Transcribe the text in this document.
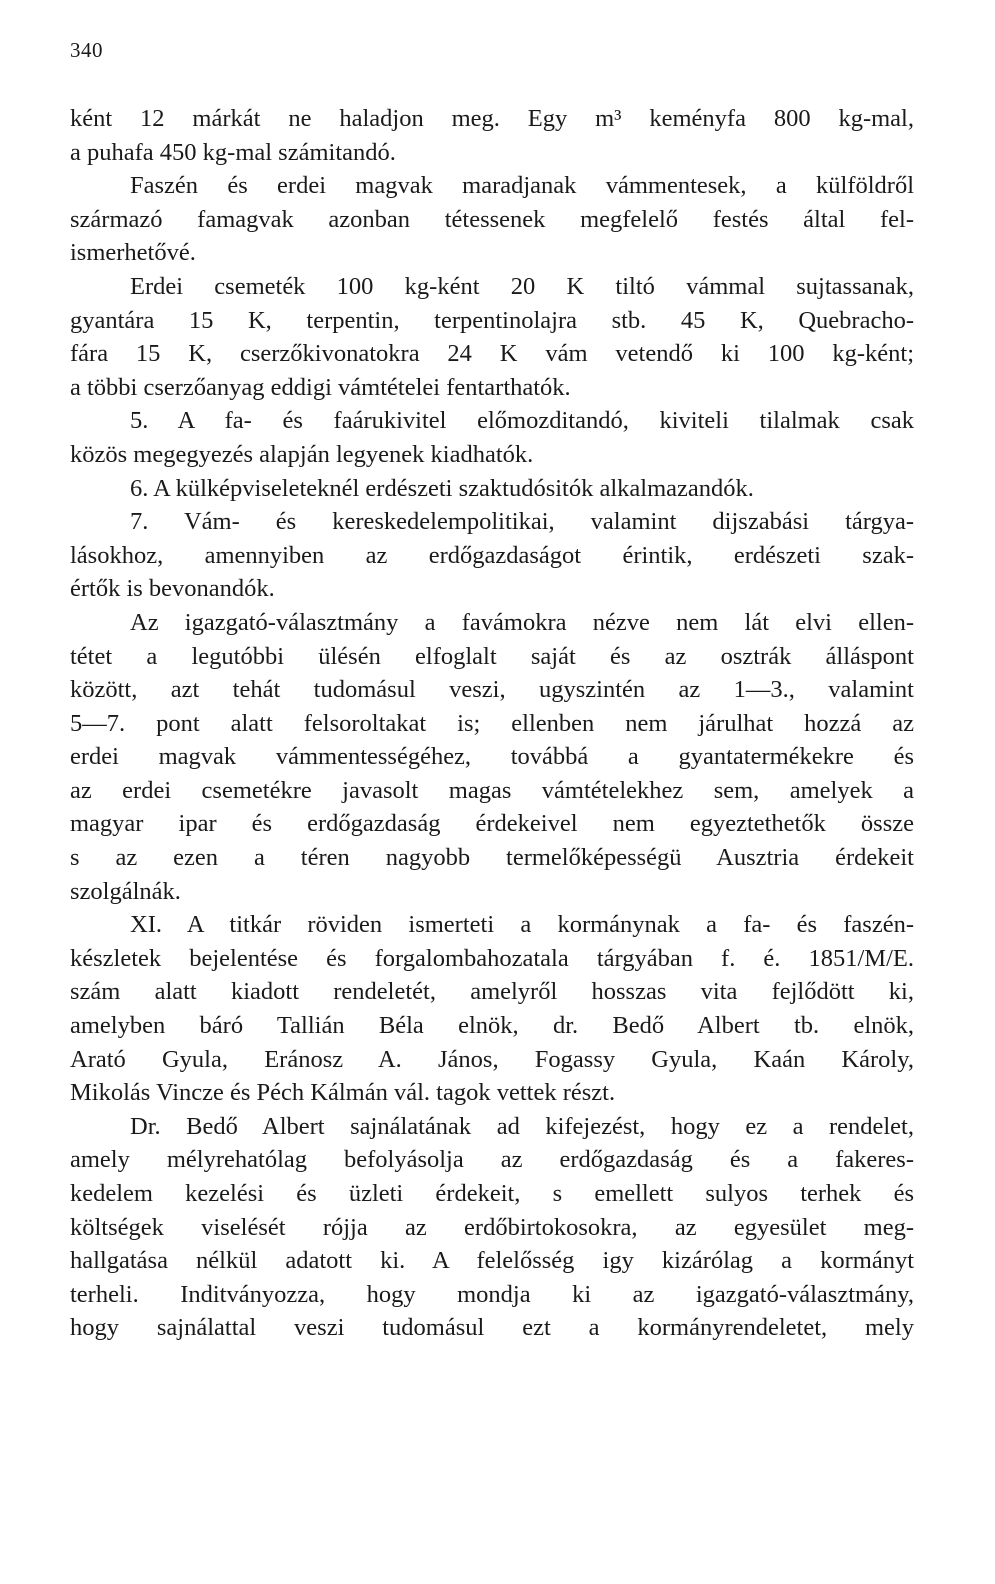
340
ként 12 márkát ne haladjon meg. Egy m³ keményfa 800 kg-mal,
a puhafa 450 kg-mal számitandó.
Faszén és erdei magvak maradjanak vámmentesek, a külföldről
származó famagvak azonban tétessenek megfelelő festés által fel-
ismerhetővé.
Erdei csemeték 100 kg-ként 20 K tiltó vámmal sujtassanak,
gyantára 15 K, terpentin, terpentinolajra stb. 45 K, Quebracho-
fára 15 K, cserzőkivonatokra 24 K vám vetendő ki 100 kg-ként;
a többi cserzőanyag eddigi vámtételei fentarthatók.
5. A fa- és faárukivitel előmozditandó, kiviteli tilalmak csak
közös megegyezés alapján legyenek kiadhatók.
6. A külképviseleteknél erdészeti szaktudósitók alkalmazandók.
7. Vám- és kereskedelempolitikai, valamint dijszabási tárgya-
lásokhoz, amennyiben az erdőgazdaságot érintik, erdészeti szak-
értők is bevonandók.
Az igazgató-választmány a favámokra nézve nem lát elvi ellen-
tétet a legutóbbi ülésén elfoglalt saját és az osztrák álláspont
között, azt tehát tudomásul veszi, ugyszintén az 1—3., valamint
5—7. pont alatt felsoroltakat is; ellenben nem járulhat hozzá az
erdei magvak vámmentességéhez, továbbá a gyantatermékekre és
az erdei csemetékre javasolt magas vámtételekhez sem, amelyek a
magyar ipar és erdőgazdaság érdekeivel nem egyeztethetők össze
s az ezen a téren nagyobb termelőképességü Ausztria érdekeit
szolgálnák.
XI. A titkár röviden ismerteti a kormánynak a fa- és faszén-
készletek bejelentése és forgalombahozatala tárgyában f. é. 1851/M/E.
szám alatt kiadott rendeletét, amelyről hosszas vita fejlődött ki,
amelyben báró Tallián Béla elnök, dr. Bedő Albert tb. elnök,
Arató Gyula, Eránosz A. János, Fogassy Gyula, Kaán Károly,
Mikolás Vincze és Péch Kálmán vál. tagok vettek részt.
Dr. Bedő Albert sajnálatának ad kifejezést, hogy ez a rendelet,
amely mélyrehatólag befolyásolja az erdőgazdaság és a fakeres-
kedelem kezelési és üzleti érdekeit, s emellett sulyos terhek és
költségek viselését rójja az erdőbirtokosokra, az egyesület meg-
hallgatása nélkül adatott ki. A felelősség igy kizárólag a kormányt
terheli. Inditványozza, hogy mondja ki az igazgató-választmány,
hogy sajnálattal veszi tudomásul ezt a kormányrendeletet, mely
